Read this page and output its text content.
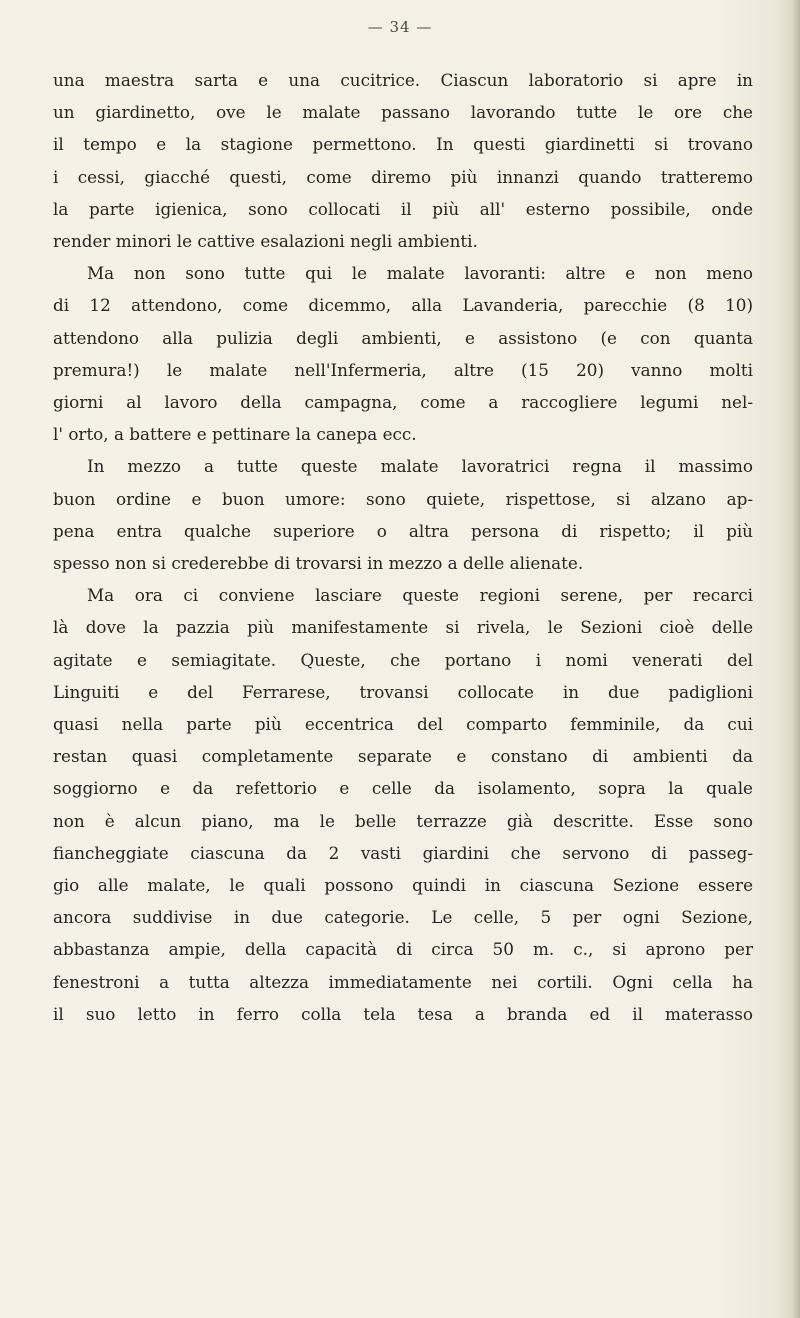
— 34 —
una maestra sarta e una cucitrice. Ciascun laboratorio si apre in
un giardinetto, ove le malate passano lavorando tutte le ore che
il tempo e la stagione permettono. In questi giardinetti si trovano
i cessi, giacché questi, come diremo più innanzi quando tratteremo
la parte igienica, sono collocati il più all' esterno possibile, onde
render minori le cattive esalazioni negli ambienti.
Ma non sono tutte qui le malate lavoranti: altre e non meno
di 12 attendono, come dicemmo, alla Lavanderia, parecchie (8 10)
attendono alla pulizia degli ambienti, e assistono (e con quanta
premura!) le malate nell'Infermeria, altre (15 20) vanno molti
giorni al lavoro della campagna, come a raccogliere legumi nel-
l' orto, a battere e pettinare la canepa ecc.
In mezzo a tutte queste malate lavoratrici regna il massimo
buon ordine e buon umore: sono quiete, rispettose, si alzano ap-
pena entra qualche superiore o altra persona di rispetto; il più
spesso non si crederebbe di trovarsi in mezzo a delle alienate.
Ma ora ci conviene lasciare queste regioni serene, per recarci
là dove la pazzia più manifestamente si rivela, le Sezioni cioè delle
agitate e semiagitate. Queste, che portano i nomi venerati del
Linguiti e del Ferrarese, trovansi collocate in due padiglioni
quasi nella parte più eccentrica del comparto femminile, da cui
restan quasi completamente separate e constano di ambienti da
soggiorno e da refettorio e celle da isolamento, sopra la quale
non è alcun piano, ma le belle terrazze già descritte. Esse sono
fiancheggiate ciascuna da 2 vasti giardini che servono di passeg-
gio alle malate, le quali possono quindi in ciascuna Sezione essere
ancora suddivise in due categorie. Le celle, 5 per ogni Sezione,
abbastanza ampie, della capacità di circa 50 m. c., si aprono per
fenestroni a tutta altezza immediatamente nei cortili. Ogni cella ha
il suo letto in ferro colla tela tesa a branda ed il materasso
